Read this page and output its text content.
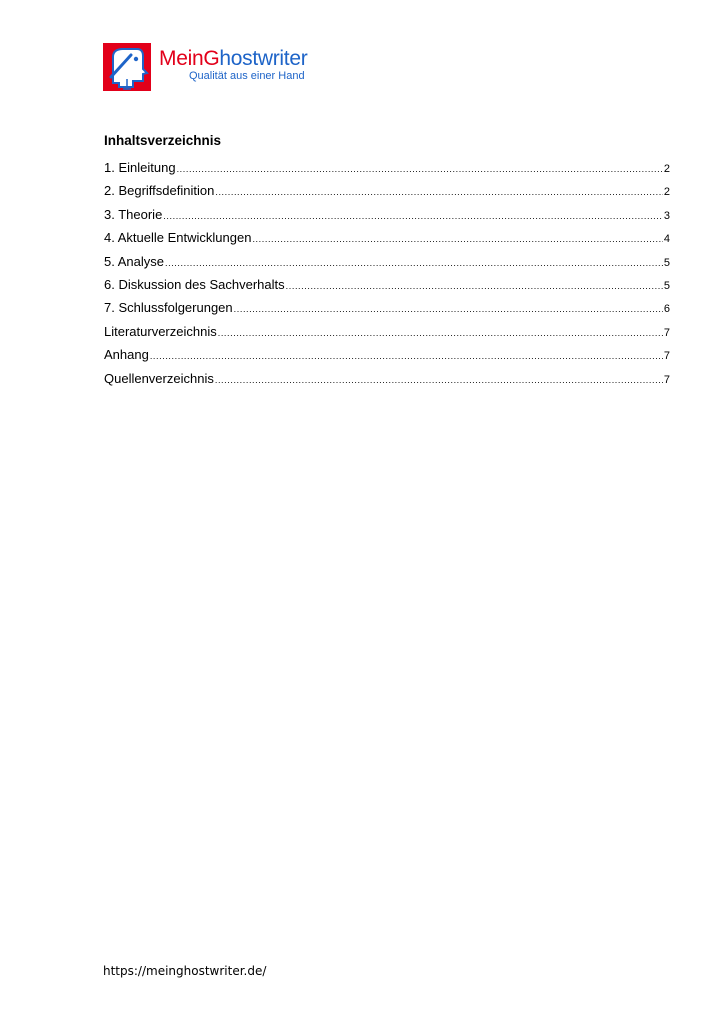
MeinGhostwriter
Qualität aus einer Hand
Inhaltsverzeichnis
1. Einleitung .....	2
2. Begriffsdefinition .....	2
3. Theorie .....	3
4. Aktuelle Entwicklungen .....	4
5. Analyse .....	5
6. Diskussion des Sachverhalts .....	5
7. Schlussfolgerungen .....	6
Literaturverzeichnis .....	7
Anhang .....	7
Quellenverzeichnis .....	7
https://meinghostwriter.de/
